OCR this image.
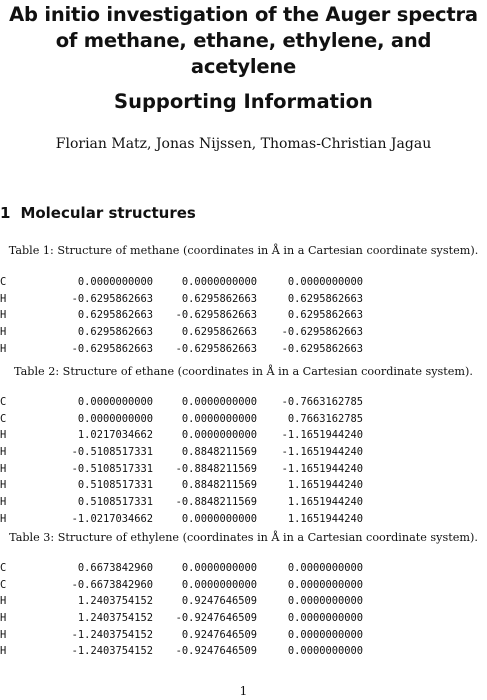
Ab initio investigation of the Auger spectra
of methane, ethane, ethylene, and acetylene
Supporting Information
Florian Matz, Jonas Nijssen, Thomas-Christian Jagau
1 Molecular structures
Table 1: Structure of methane (coordinates in Å in a Cartesian coordinate system).
C	0.0000000000	0.0000000000	0.0000000000
H	-0.6295862663	0.6295862663	0.6295862663
H	0.6295862663 -0.6295862663	0.6295862663
H	0.6295862663	0.6295862663 -0.6295862663
H	-0.6295862663 -0.6295862663 -0.6295862663
Table 2: Structure of ethane (coordinates in Å in a Cartesian coordinate system).
C	0.0000000000	0.0000000000 -0.7663162785
C	0.0000000000	0.0000000000	0.7663162785
H	1.0217034662	0.0000000000 -1.1651944240
H	-0.5108517331	0.8848211569 -1.1651944240
H	-0.5108517331 -0.8848211569 -1.1651944240
H	0.5108517331	0.8848211569	1.1651944240
H	0.5108517331 -0.8848211569	1.1651944240
H	-1.0217034662	0.0000000000	1.1651944240
Table 3: Structure of ethylene (coordinates in Å in a Cartesian coordinate system).
C	0.6673842960	0.0000000000	0.0000000000
C	-0.6673842960	0.0000000000	0.0000000000
H	1.2403754152	0.9247646509	0.0000000000
H	1.2403754152 -0.9247646509	0.0000000000
H	-1.2403754152	0.9247646509	0.0000000000
H	-1.2403754152 -0.9247646509	0.0000000000
1
